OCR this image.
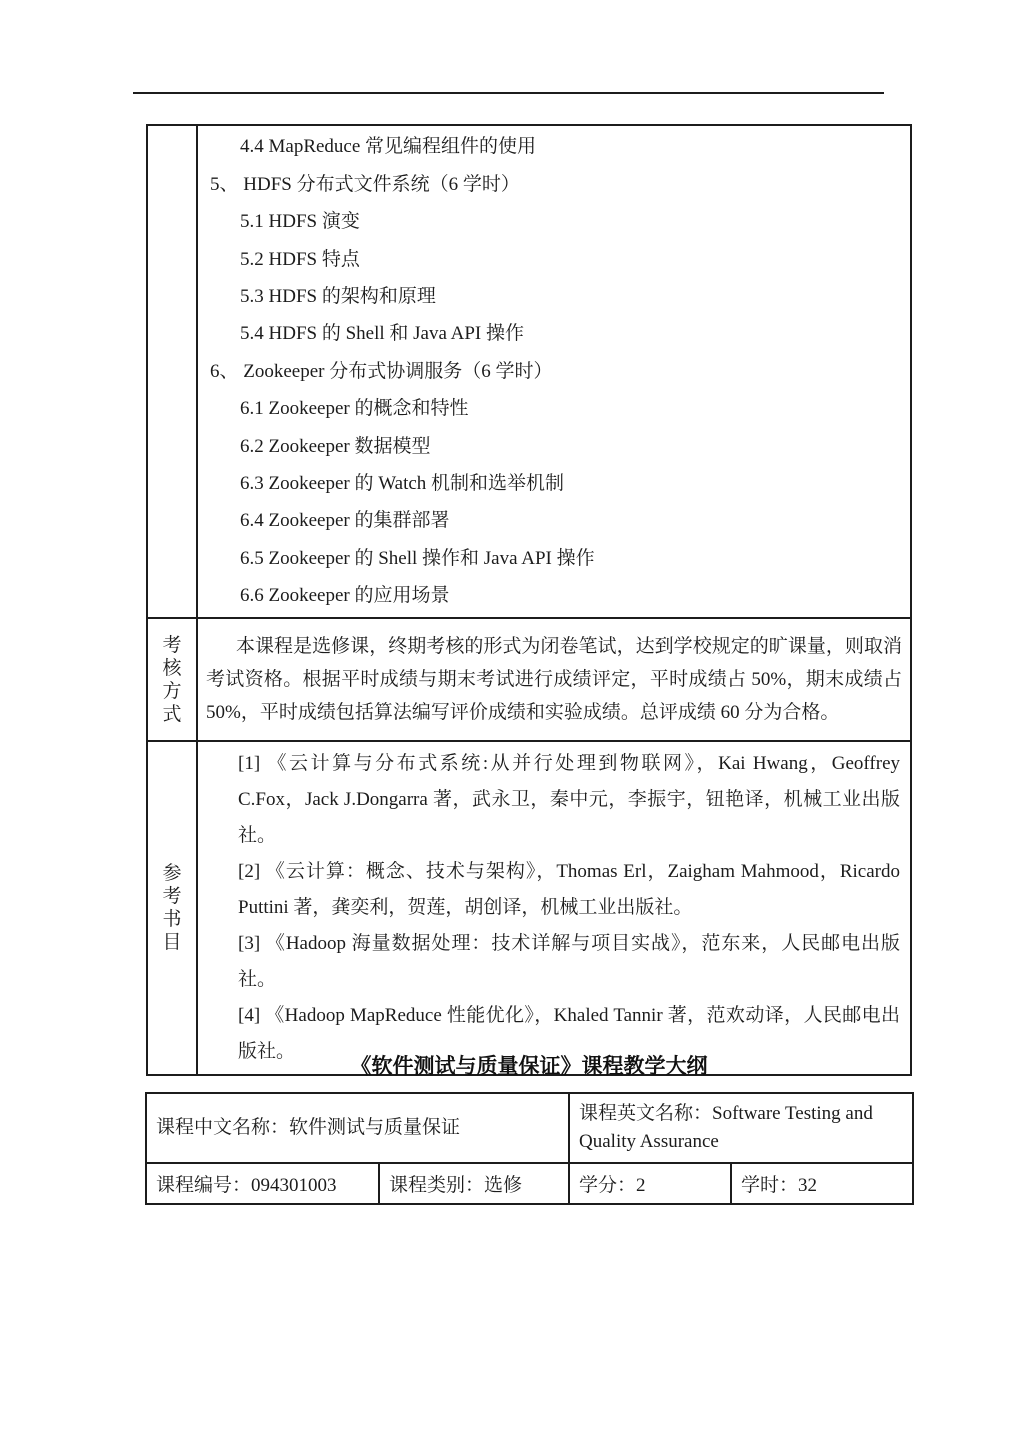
4.4 MapReduce 常见编程组件的使用
5、 HDFS 分布式文件系统（6 学时）
5.1 HDFS 演变
5.2 HDFS 特点
5.3 HDFS 的架构和原理
5.4 HDFS 的 Shell 和 Java API 操作
6、 Zookeeper 分布式协调服务（6 学时）
6.1 Zookeeper 的概念和特性
6.2 Zookeeper 数据模型
6.3 Zookeeper 的 Watch 机制和选举机制
6.4 Zookeeper 的集群部署
6.5 Zookeeper 的 Shell 操作和 Java API 操作
6.6 Zookeeper 的应用场景

考核方式	本课程是选修课，终期考核的形式为闭卷笔试，达到学校规定的旷课量，则取消考试资格。根据平时成绩与期末考试进行成绩评定，平时成绩占 50%，期末成绩占 50%，平时成绩包括算法编写评价成绩和实验成绩。总评成绩 60 分为合格。

参考书目	[1] 《云计算与分布式系统:从并行处理到物联网》，Kai Hwang，Geoffrey C.Fox，Jack J.Dongarra 著，武永卫，秦中元，李振宇，钮艳译，机械工业出版社。

[2] 《云计算：概念、技术与架构》，Thomas Erl，Zaigham Mahmood，Ricardo Puttini 著，龚奕利，贺莲，胡创译，机械工业出版社。

[3] 《Hadoop 海量数据处理：技术详解与项目实战》，范东来，人民邮电出版社。

[4] 《Hadoop MapReduce 性能优化》，Khaled Tannir 著，范欢动译，人民邮电出版社。

《软件测试与质量保证》课程教学大纲
课程中文名称：软件测试与质量保证		课程英文名称：Software Testing and Quality Assurance	
课程编号：094301003	课程类别：选修	学分：2	学时：32
